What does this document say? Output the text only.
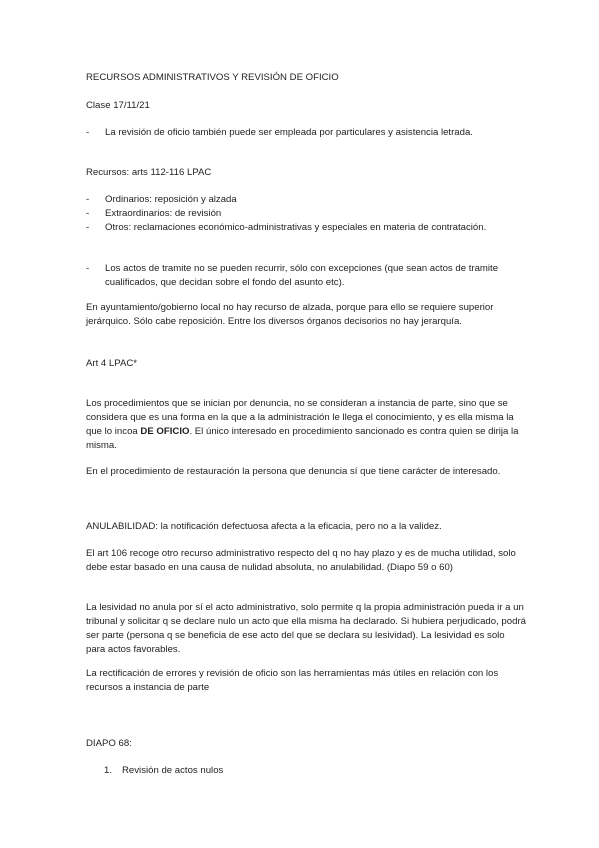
RECURSOS ADMINISTRATIVOS Y REVISIÓN DE OFICIO

Clase 17/11/21

- La revisión de oficio también puede ser empleada por particulares y asistencia letrada.

Recursos: arts 112-116 LPAC

- Ordinarios: reposición y alzada

- Extraordinarios: de revisión

- Otros: reclamaciones económico-administrativas y especiales en materia de contratación.

- Los actos de tramite no se pueden recurrir, sólo con excepciones (que sean actos de tramite cualificados, que decidan sobre el fondo del asunto etc).

En ayuntamiento/gobierno local no hay recurso de alzada, porque para ello se requiere superior jerárquico. Sólo cabe reposición. Entre los diversos órganos decisorios no hay jerarquía.

Art 4 LPAC*

Los procedimientos que se inician por denuncia, no se consideran a instancia de parte, sino que se considera que es una forma en la que a la administración le llega el conocimiento, y es ella misma la que lo incoa DE OFICIO. El único interesado en procedimiento sancionado es contra quien se dirija la misma.

En el procedimiento de restauración la persona que denuncia sí que tiene carácter de interesado.

ANULABILIDAD: la notificación defectuosa afecta a la eficacia, pero no a la validez.

El art 106 recoge otro recurso administrativo respecto del q no hay plazo y es de mucha utilidad, solo debe estar basado en una causa de nulidad absoluta, no anulabilidad. (Diapo 59 o 60)

La lesividad no anula por sí el acto administrativo, solo permite q la propia administración pueda ir a un tribunal y solicitar q se declare nulo un acto que ella misma ha declarado. Si hubiera perjudicado, podrá ser parte (persona q se beneficia de ese acto del que se declara su lesividad). La lesividad es solo para actos favorables.

La rectificación de errores y revisión de oficio son las herramientas más útiles en relación con los recursos a instancia de parte

DIAPO 68:

1. Revisión de actos nulos
